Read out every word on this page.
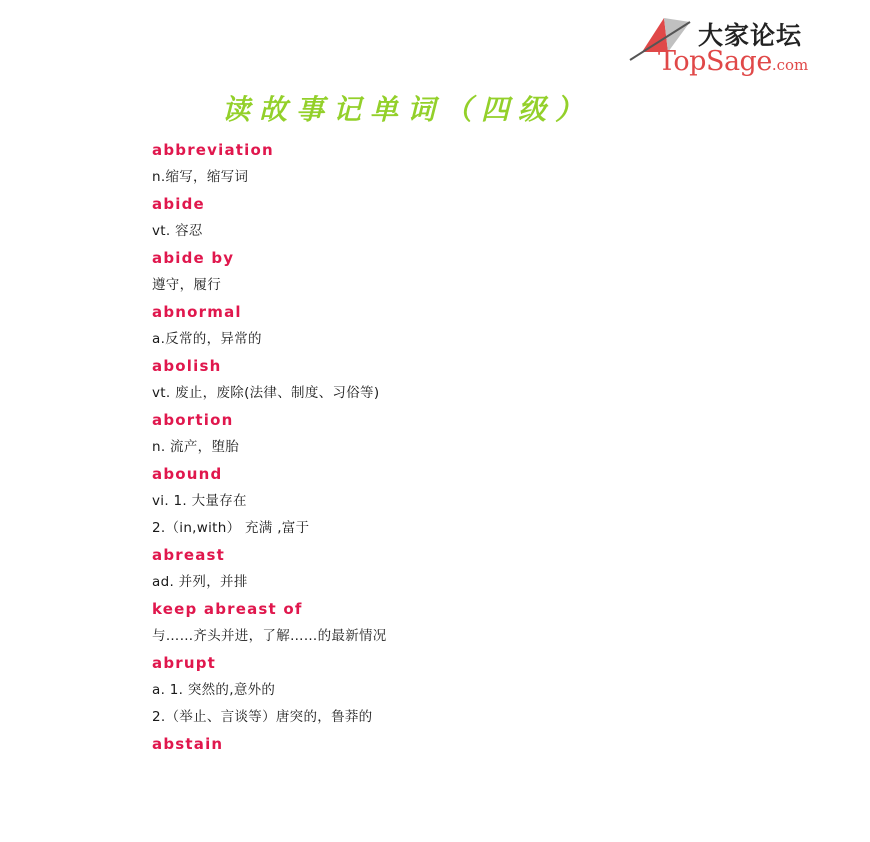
大家论坛
TopSage.com
读故事记单词（四级）
abbreviation
n.缩写，缩写词
abide
vt. 容忍
abide by
遵守，履行
abnormal
a.反常的，异常的
abolish
vt. 废止，废除(法律、制度、习俗等)
abortion
n. 流产，堕胎
abound
vi. 1. 大量存在
2.（in,with） 充满 ,富于
abreast
ad. 并列，并排
keep abreast of
与……齐头并进，了解……的最新情况
abrupt
a. 1. 突然的,意外的
2.（举止、言谈等）唐突的，鲁莽的
abstain
